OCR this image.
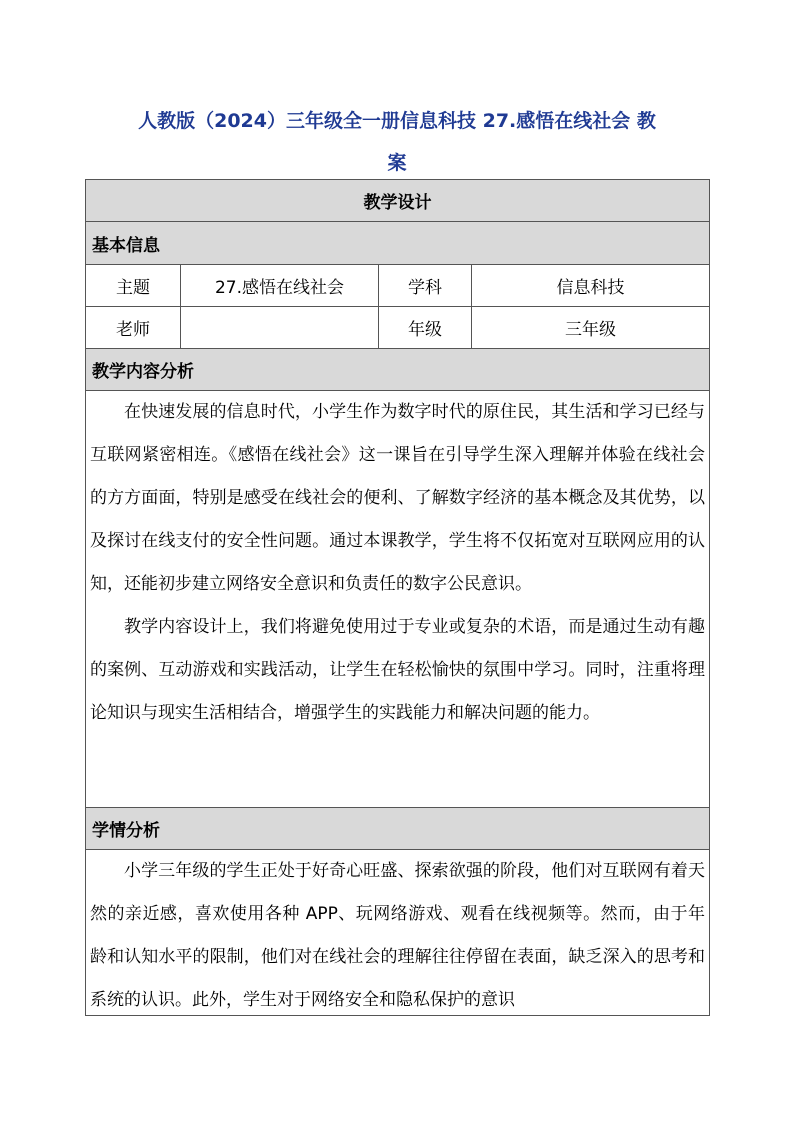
人教版（2024）三年级全一册信息科技 27.感悟在线社会 教
案
教学设计			
基本信息			
主题	27.感悟在线社会	学科	信息科技
老师		年级	三年级
教学内容分析			

在快速发展的信息时代，小学生作为数字时代的原住民，其生活和学习已经与互联网紧密相连。《感悟在线社会》这一课旨在引导学生深入理解并体验在线社会的方方面面，特别是感受在线社会的便利、了解数字经济的基本概念及其优势，以及探讨在线支付的安全性问题。通过本课教学，学生将不仅拓宽对互联网应用的认知，还能初步建立网络安全意识和负责任的数字公民意识。

教学内容设计上，我们将避免使用过于专业或复杂的术语，而是通过生动有趣的案例、互动游戏和实践活动，让学生在轻松愉快的氛围中学习。同时，注重将理论知识与现实生活相结合，增强学生的实践能力和解决问题的能力。			

学情分析			

小学三年级的学生正处于好奇心旺盛、探索欲强的阶段，他们对互联网有着天然的亲近感，喜欢使用各种 APP、玩网络游戏、观看在线视频等。然而，由于年龄和认知水平的限制，他们对在线社会的理解往往停留在表面，缺乏深入的思考和系统的认识。此外，学生对于网络安全和隐私保护的意识			
